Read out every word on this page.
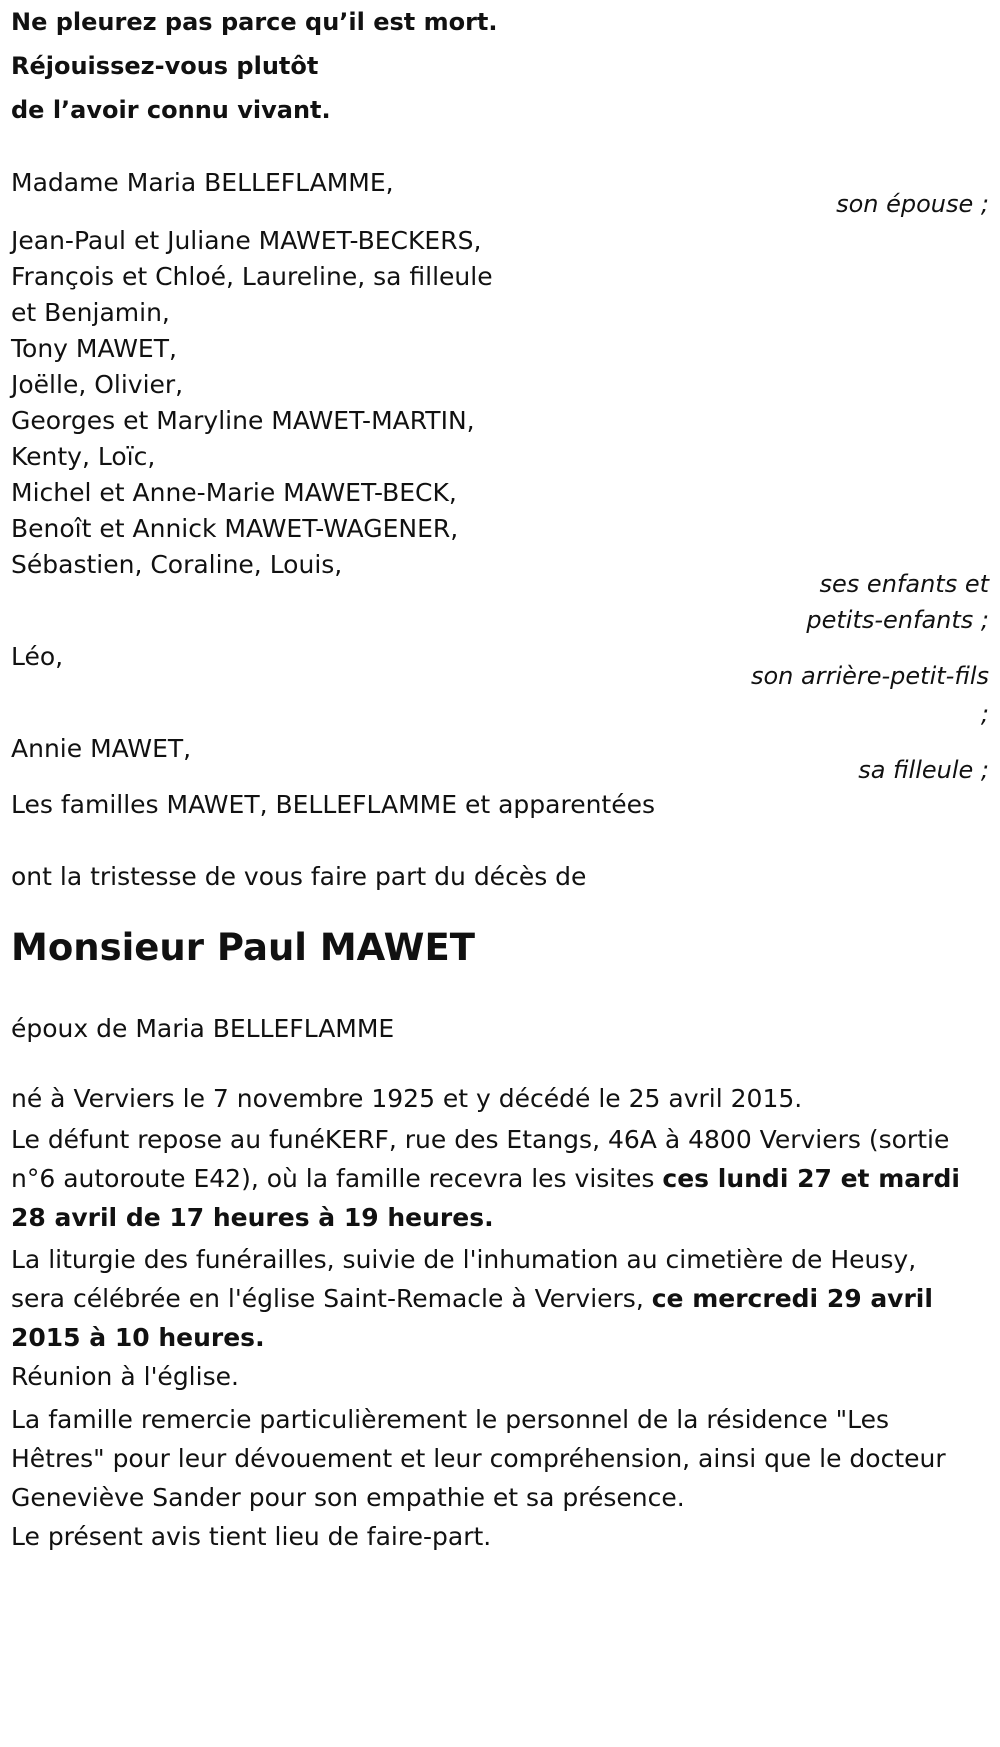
Ne pleurez pas parce qu’il est mort.
Réjouissez-vous plutôt
de l’avoir connu vivant.
Madame Maria BELLEFLAMME,
son épouse ;
Jean-Paul et Juliane MAWET-BECKERS,
François et Chloé, Laureline, sa filleule
et Benjamin,
Tony MAWET,
Joëlle, Olivier,
Georges et Maryline MAWET-MARTIN,
Kenty, Loïc,
Michel et Anne-Marie MAWET-BECK,
Benoît et Annick MAWET-WAGENER,
Sébastien, Coraline, Louis,
ses enfants et
petits-enfants ;
Léo,
son arrière-petit-fils
;
Annie MAWET,
sa filleule ;
Les familles MAWET, BELLEFLAMME et apparentées
ont la tristesse de vous faire part du décès de
Monsieur Paul MAWET
époux de Maria BELLEFLAMME
né à Verviers le 7 novembre 1925 et y décédé le 25 avril 2015.
Le défunt repose au funéKERF, rue des Etangs, 46A à 4800 Verviers (sortie n°6 autoroute E42), où la famille recevra les visites ces lundi 27 et mardi 28 avril de 17 heures à 19 heures.
La liturgie des funérailles, suivie de l'inhumation au cimetière de Heusy, sera célébrée en l'église Saint-Remacle à Verviers, ce mercredi 29 avril 2015 à 10 heures.
Réunion à l'église.
La famille remercie particulièrement le personnel de la résidence "Les Hêtres" pour leur dévouement et leur compréhension, ainsi que le docteur Geneviève Sander pour son empathie et sa présence.
Le présent avis tient lieu de faire-part.
